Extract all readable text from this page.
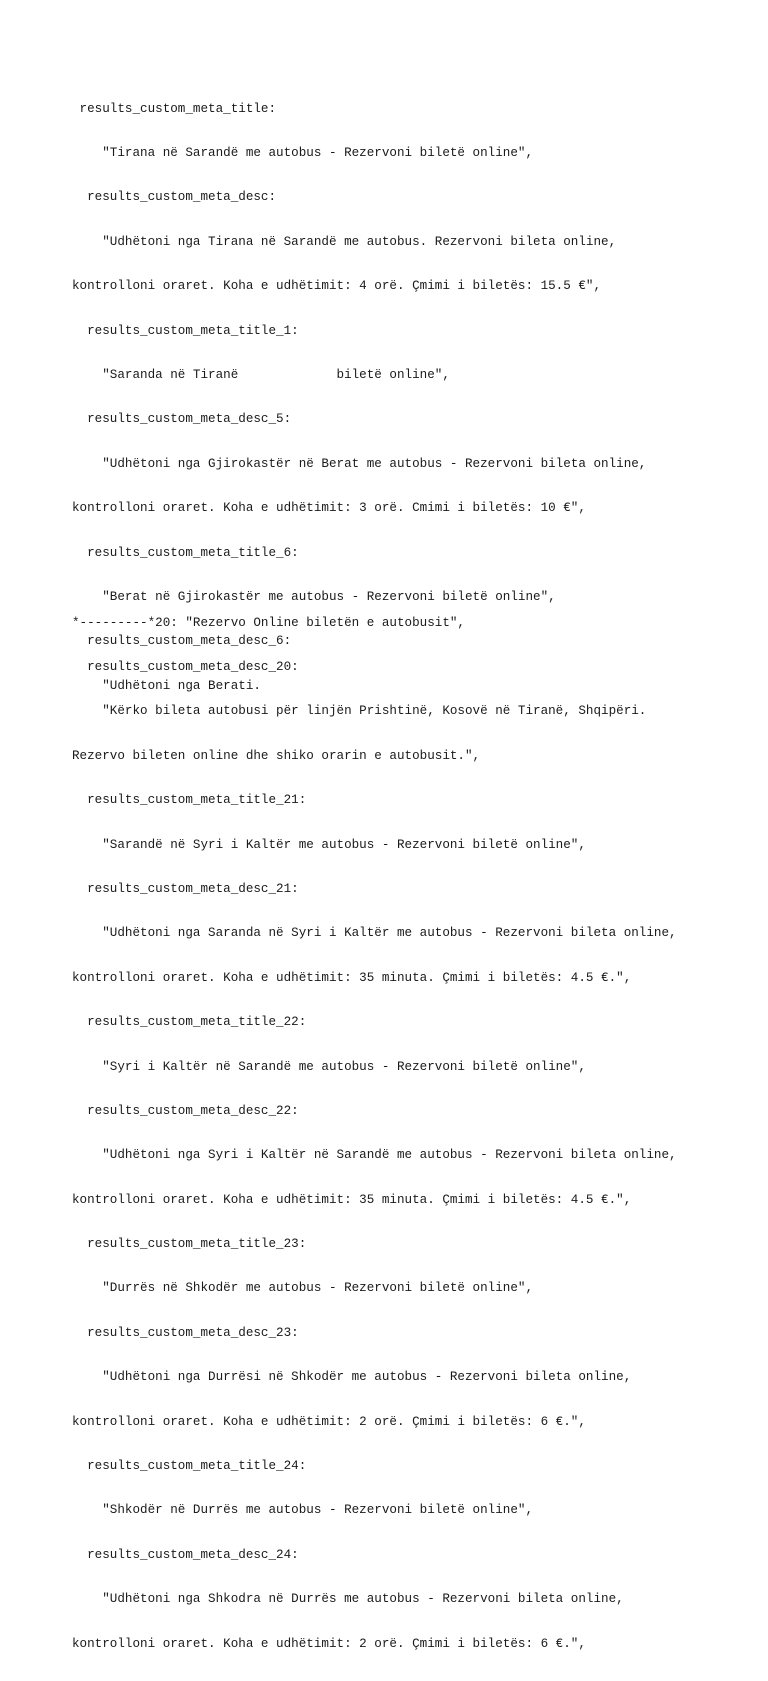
results_custom_meta_title:

"Tirana në Sarandë me autobus - Rezervoni biletë online",

results_custom_meta_desc:

"Udhëtoni nga Tirana në Sarandë me autobus. Rezervoni bileta online,

kontrolloni oraret. Koha e udhëtimit: 4 orë. Çmimi i biletës: 15.5 €",

results_custom_meta_title_1:

"Saranda në Tiranë             biletë online",

results_custom_meta_desc_5:

"Udhëtoni nga Gjirokastër në Berat me autobus - Rezervoni bileta online,

kontrolloni oraret. Koha e udhëtimit: 3 orë. Cmimi i biletës: 10 €",

results_custom_meta_title_6:

"Berat në Gjirokastër me autobus - Rezervoni biletë online",

results_custom_meta_desc_6:

"Udhëtoni nga Berati.

*---------*20: "Rezervo Online biletën e autobusit",

results_custom_meta_desc_20:

"Kërko bileta autobusi për linjën Prishtinë, Kosovë në Tiranë, Shqipëri.

Rezervo bileten online dhe shiko orarin e autobusit.",

results_custom_meta_title_21:

"Sarandë në Syri i Kaltër me autobus - Rezervoni biletë online",

results_custom_meta_desc_21:

"Udhëtoni nga Saranda në Syri i Kaltër me autobus - Rezervoni bileta online,

kontrolloni oraret. Koha e udhëtimit: 35 minuta. Çmimi i biletës: 4.5 €.",

results_custom_meta_title_22:

"Syri i Kaltër në Sarandë me autobus - Rezervoni biletë online",

results_custom_meta_desc_22:

"Udhëtoni nga Syri i Kaltër në Sarandë me autobus - Rezervoni bileta online,

kontrolloni oraret. Koha e udhëtimit: 35 minuta. Çmimi i biletës: 4.5 €.",

results_custom_meta_title_23:

"Durrës në Shkodër me autobus - Rezervoni biletë online",

results_custom_meta_desc_23:

"Udhëtoni nga Durrësi në Shkodër me autobus - Rezervoni bileta online,

kontrolloni oraret. Koha e udhëtimit: 2 orë. Çmimi i biletës: 6 €.",

results_custom_meta_title_24:

"Shkodër në Durrës me autobus - Rezervoni biletë online",

results_custom_meta_desc_24:

"Udhëtoni nga Shkodra në Durrës me autobus - Rezervoni bileta online,

kontrolloni oraret. Koha e udhëtimit: 2 orë. Çmimi i biletës: 6 €.",
